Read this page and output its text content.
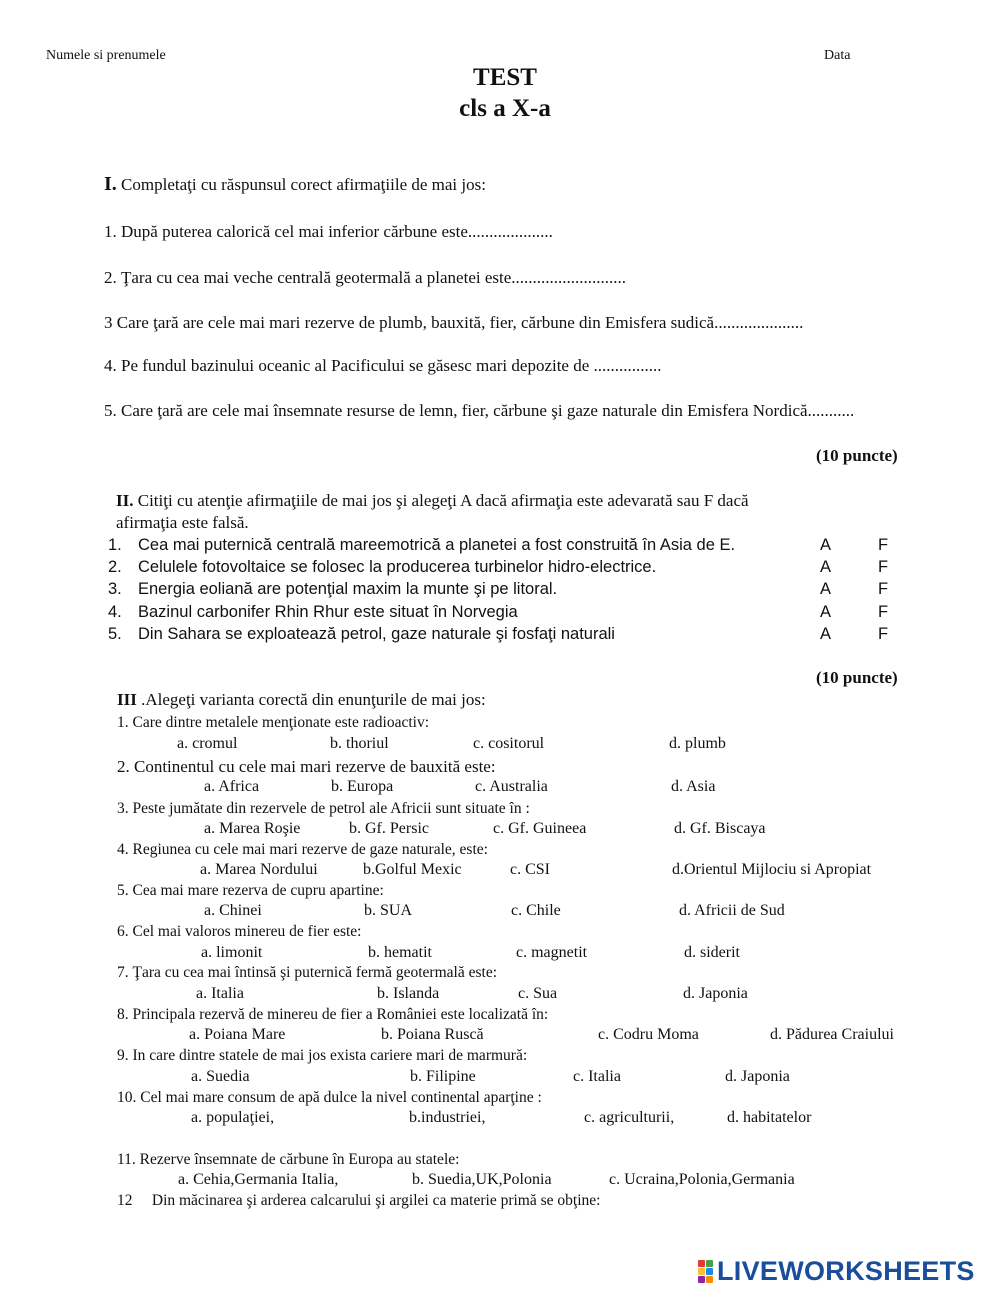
Numele si prenumele	Data
TEST
cls a X-a
I. Completaţi cu răspunsul corect afirmaţiile de mai jos:
1. După puterea calorică cel mai inferior cărbune este....................
2. Ţara cu cea mai veche centrală geotermală a planetei este...........................
3 Care ţară are cele mai mari rezerve de plumb, bauxită, fier, cărbune din Emisfera sudică.....................
4. Pe fundul bazinului oceanic al Pacificului se găsesc mari depozite de ................
5. Care ţară are cele mai însemnate resurse de lemn, fier, cărbune şi gaze naturale din Emisfera Nordică...........
(10 puncte)
II. Citiţi cu atenţie afirmaţiile de mai jos şi alegeţi A dacă afirmaţia este adevarată sau F dacă
afirmaţia este falsă.
1. Cea mai puternică centrală mareemotrică a planetei a fost construită în Asia de E.	A	F
2. Celulele fotovoltaice se folosec la producerea turbinelor hidro-electrice.	A	F
3. Energia eoliană are potenţial maxim la munte şi pe litoral.	A	F
4. Bazinul carbonifer Rhin Rhur este situat în Norvegia	A	F
5. Din Sahara se exploatează petrol, gaze naturale şi fosfaţi naturali	A	F
(10 puncte)
III .Alegeţi varianta corectă din enunţurile de mai jos:
1. Care dintre metalele menţionate este radioactiv:
a. cromul	b. thoriul	c. cositorul	d. plumb
2. Continentul cu cele mai mari rezerve de bauxită este:
a. Africa	b. Europa	c. Australia	d. Asia
3. Peste jumătate din rezervele de petrol ale Africii sunt situate în :
a. Marea Roşie	b. Gf. Persic	c. Gf. Guineea	d. Gf. Biscaya
4. Regiunea cu cele mai mari rezerve de gaze naturale, este:
a. Marea Nordului	b.Golful Mexic	c. CSI	d.Orientul Mijlociu si Apropiat
5. Cea mai mare rezerva de cupru apartine:
a. Chinei	b. SUA	c. Chile	d. Africii de Sud
6. Cel mai valoros minereu de fier este:
a. limonit	b. hematit	c. magnetit	d. siderit
7. Ţara cu cea mai întinsă şi puternică fermă geotermală este:
a. Italia	b. Islanda	c. Sua	d. Japonia
8. Principala rezervă de minereu de fier a României este localizată în:
a. Poiana Mare	b. Poiana Ruscă	c. Codru Moma	d. Pădurea Craiului
9. In care dintre statele de mai jos exista cariere mari de marmură:
a. Suedia	b. Filipine	c. Italia	d. Japonia
10. Cel mai mare consum de apă dulce la nivel continental aparţine :
a. populaţiei,	b.industriei,	c. agriculturii,	d. habitatelor
11. Rezerve însemnate de cărbune în Europa au statele:
a. Cehia,Germania Italia,	b. Suedia,UK,Polonia	c. Ucraina,Polonia,Germania
12     Din măcinarea şi arderea calcarului şi argilei ca materie primă se obţine:
LIVEWORKSHEETS
